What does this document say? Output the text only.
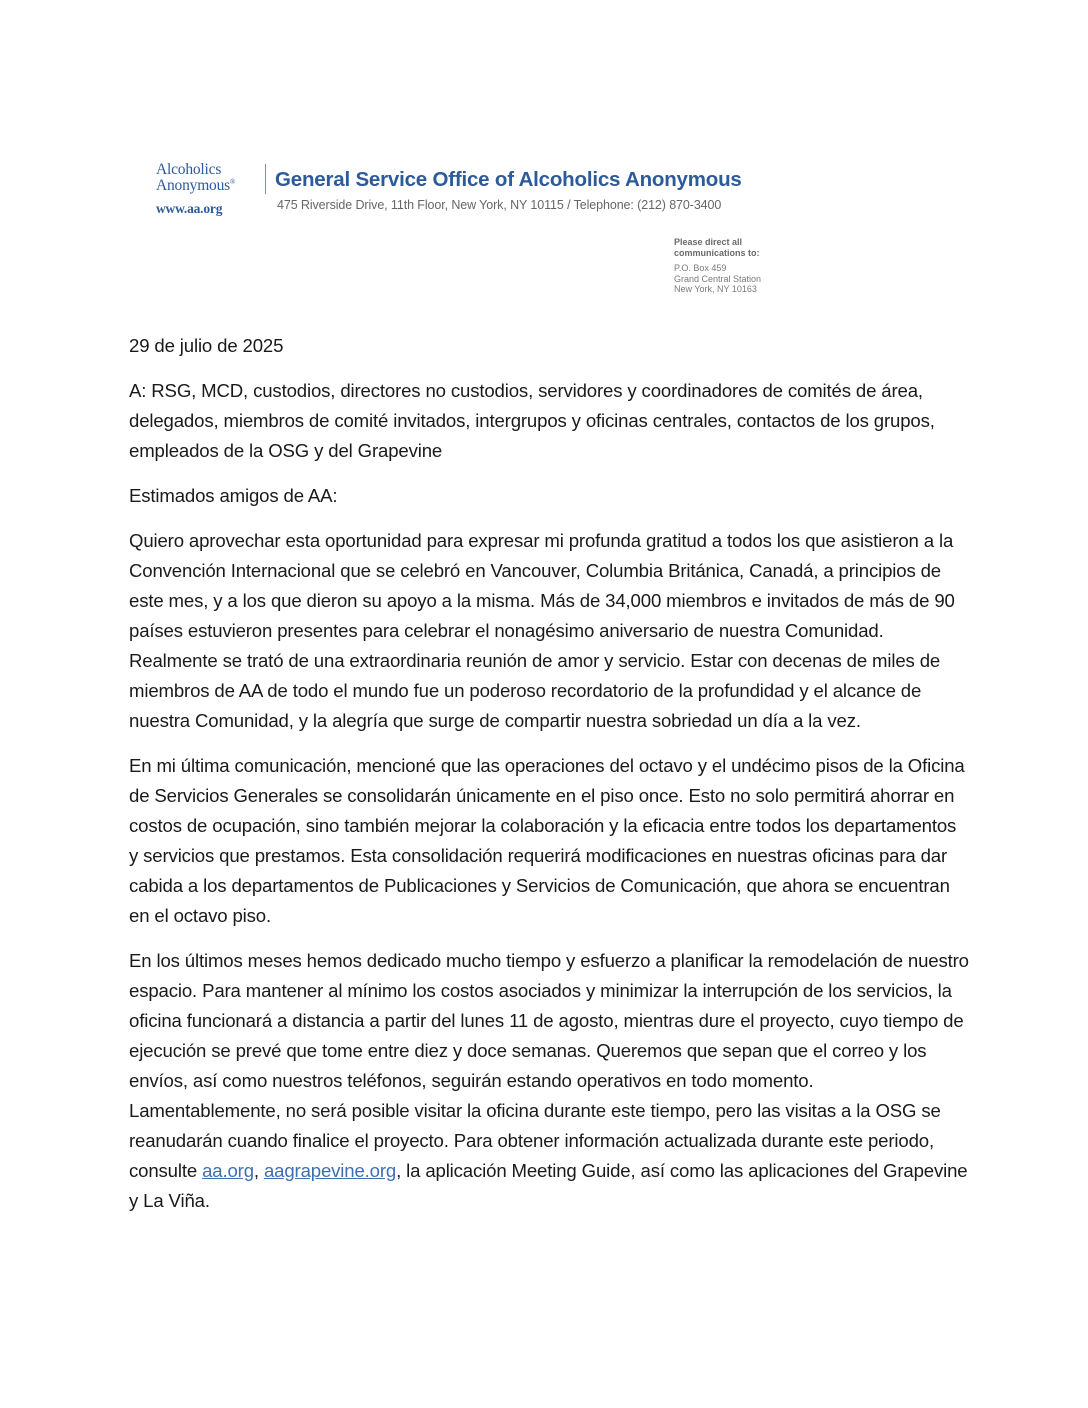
Alcoholics
Anonymous®
www.aa.org
General Service Office of Alcoholics Anonymous
475 Riverside Drive, 11th Floor, New York, NY 10115 / Telephone: (212) 870-3400
Please direct all
communications to:
P.O. Box 459
Grand Central Station
New York, NY 10163

29 de julio de 2025

A: RSG, MCD, custodios, directores no custodios, servidores y coordinadores de comités de área, delegados, miembros de comité invitados, intergrupos y oficinas centrales, contactos de los grupos, empleados de la OSG y del Grapevine

Estimados amigos de AA:

Quiero aprovechar esta oportunidad para expresar mi profunda gratitud a todos los que asistieron a la Convención Internacional que se celebró en Vancouver, Columbia Británica, Canadá, a principios de este mes, y a los que dieron su apoyo a la misma. Más de 34,000 miembros e invitados de más de 90 países estuvieron presentes para celebrar el nonagésimo aniversario de nuestra Comunidad. Realmente se trató de una extraordinaria reunión de amor y servicio. Estar con decenas de miles de miembros de AA de todo el mundo fue un poderoso recordatorio de la profundidad y el alcance de nuestra Comunidad, y la alegría que surge de compartir nuestra sobriedad un día a la vez.

En mi última comunicación, mencioné que las operaciones del octavo y el undécimo pisos de la Oficina de Servicios Generales se consolidarán únicamente en el piso once. Esto no solo permitirá ahorrar en costos de ocupación, sino también mejorar la colaboración y la eficacia entre todos los departamentos y servicios que prestamos. Esta consolidación requerirá modificaciones en nuestras oficinas para dar cabida a los departamentos de Publicaciones y Servicios de Comunicación, que ahora se encuentran en el octavo piso.

En los últimos meses hemos dedicado mucho tiempo y esfuerzo a planificar la remodelación de nuestro espacio. Para mantener al mínimo los costos asociados y minimizar la interrupción de los servicios, la oficina funcionará a distancia a partir del lunes 11 de agosto, mientras dure el proyecto, cuyo tiempo de ejecución se prevé que tome entre diez y doce semanas. Queremos que sepan que el correo y los envíos, así como nuestros teléfonos, seguirán estando operativos en todo momento. Lamentablemente, no será posible visitar la oficina durante este tiempo, pero las visitas a la OSG se reanudarán cuando finalice el proyecto. Para obtener información actualizada durante este periodo, consulte aa.org, aagrapevine.org, la aplicación Meeting Guide, así como las aplicaciones del Grapevine y La Viña.
